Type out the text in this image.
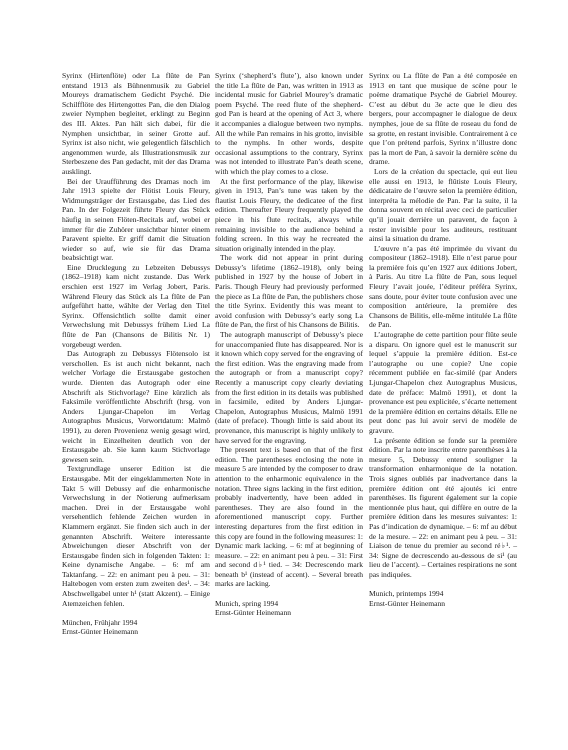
Syrinx (Hirtenflöte) oder La flûte de Pan entstand 1913 als Bühnenmusik zu Gabriel Moureys dramatischem Gedicht Psyché. Die Schilfflöte des Hirtengottes Pan, die den Dialog zweier Nymphen begleitet, erklingt zu Beginn des III. Aktes. Pan hält sich dabei, für die Nymphen unsichtbar, in seiner Grotte auf. Syrinx ist also nicht, wie gelegentlich fälschlich angenommen wurde, als Illustrationsmusik zur Sterbeszene des Pan gedacht, mit der das Drama ausklingt.

Bei der Uraufführung des Dramas noch im Jahr 1913 spielte der Flötist Louis Fleury, Widmungsträger der Erstausgabe, das Lied des Pan. In der Folgezeit führte Fleury das Stück häufig in seinen Flöten-Recitals auf, wobei er immer für die Zuhörer unsichtbar hinter einem Paravent spielte. Er griff damit die Situation wieder so auf, wie sie für das Drama beabsichtigt war.

Eine Drucklegung zu Lebzeiten Debussys (1862–1918) kam nicht zustande. Das Werk erschien erst 1927 im Verlag Jobert, Paris. Während Fleury das Stück als La flûte de Pan aufgeführt hatte, wählte der Verlag den Titel Syrinx. Offensichtlich sollte damit einer Verwechslung mit Debussys frühem Lied La flûte de Pan (Chansons de Bilitis Nr. 1) vorgebeugt werden.

Das Autograph zu Debussys Flötensolo ist verschollen. Es ist auch nicht bekannt, nach welcher Vorlage die Erstausgabe gestochen wurde. Dienten das Autograph oder eine Abschrift als Stichvorlage? Eine kürzlich als Faksimile veröffentlichte Abschrift (hrsg. von Anders Ljungar-Chapelon im Verlag Autographus Musicus, Vorwortdatum: Malmö 1991), zu deren Provenienz wenig gesagt wird, weicht in Einzelheiten deutlich von der Erstausgabe ab. Sie kann kaum Stichvorlage gewesen sein.

Textgrundlage unserer Edition ist die Erstausgabe. Mit der eingeklammerten Note in Takt 5 will Debussy auf die enharmonische Verwechslung in der Notierung aufmerksam machen. Drei in der Erstausgabe wohl versehentlich fehlende Zeichen wurden in Klammern ergänzt. Sie finden sich auch in der genannten Abschrift. Weitere interessante Abweichungen dieser Abschrift von der Erstausgabe finden sich in folgenden Takten: 1: Keine dynamische Angabe. – 6: mf am Taktanfang. – 22: en animant peu à peu. – 31: Haltebogen vom ersten zum zweiten des¹. – 34: Abschwellgabel unter h¹ (statt Akzent). – Einige Atemzeichen fehlen.

München, Frühjahr 1994

Ernst-Günter Heinemann

Syrinx (‘shepherd’s flute’), also known under the title La flûte de Pan, was written in 1913 as incidental music for Gabriel Mourey’s dramatic poem Psyché. The reed flute of the shepherd-god Pan is heard at the opening of Act 3, where it accompanies a dialogue between two nymphs. All the while Pan remains in his grotto, invisible to the nymphs. In other words, despite occasional assumptions to the contrary, Syrinx was not intended to illustrate Pan’s death scene, with which the play comes to a close.

At the first performance of the play, likewise given in 1913, Pan’s tune was taken by the flautist Louis Fleury, the dedicatee of the first edition. Thereafter Fleury frequently played the piece in his flute recitals, always while remaining invisible to the audience behind a folding screen. In this way he recreated the situation originally intended in the play.

The work did not appear in print during Debussy’s lifetime (1862–1918), only being published in 1927 by the house of Jobert in Paris. Though Fleury had previously performed the piece as La flûte de Pan, the publishers chose the title Syrinx. Evidently this was meant to avoid confusion with Debussy’s early song La flûte de Pan, the first of his Chansons de Bilitis.

The autograph manuscript of Debussy’s piece for unaccompanied flute has disappeared. Nor is it known which copy served for the engraving of the first edition. Was the engraving made from the autograph or from a manuscript copy? Recently a manuscript copy clearly deviating from the first edition in its details was published in facsimile, edited by Anders Ljungar-Chapelon, Autographus Musicus, Malmö 1991 (date of preface). Though little is said about its provenance, this manuscript is highly unlikely to have served for the engraving.

The present text is based on that of the first edition. The parentheses enclosing the note in measure 5 are intended by the composer to draw attention to the enharmonic equivalence in the notation. Three signs lacking in the first edition, probably inadvertently, have been added in parentheses. They are also found in the aforementioned manuscript copy. Further interesting departures from the first edition in this copy are found in the following measures: 1: Dynamic mark lacking. – 6: mf at beginning of measure. – 22: en animant peu à peu. – 31: First and second d♭¹ tied. – 34: Decrescendo mark beneath b¹ (instead of accent). – Several breath marks are lacking.

Munich, spring 1994

Ernst-Günter Heinemann

Syrinx ou La flûte de Pan a été composée en 1913 en tant que musique de scène pour le poème dramatique Psyché de Gabriel Mourey. C’est au début du 3e acte que le dieu des bergers, pour accompagner le dialogue de deux nymphes, joue de sa flûte de roseau du fond de sa grotte, en restant invisible. Contrairement à ce que l’on prétend parfois, Syrinx n’illustre donc pas la mort de Pan, à savoir la dernière scène du drame.

Lors de la création du spectacle, qui eut lieu elle aussi en 1913, le flûtiste Louis Fleury, dédicataire de l’œuvre selon la première édition, interpréta la mélodie de Pan. Par la suite, il la donna souvent en récital avec ceci de particulier qu’il jouait derrière un paravent, de façon à rester invisible pour les auditeurs, restituant ainsi la situation du drame.

L’œuvre n’a pas été imprimée du vivant du compositeur (1862–1918). Elle n’est parue pour la première fois qu’en 1927 aux éditions Jobert, à Paris. Au titre La flûte de Pan, sous lequel Fleury l’avait jouée, l’éditeur préféra Syrinx, sans doute, pour éviter toute confusion avec une composition antérieure, la première des Chansons de Bilitis, elle-même intitulée La flûte de Pan.

L’autographe de cette partition pour flûte seule a disparu. On ignore quel est le manuscrit sur lequel s’appuie la première édition. Est-ce l’autographe ou une copie? Une copie récemment publiée en fac-similé (par Anders Ljungar-Chapelon chez Autographus Musicus, date de préface: Malmö 1991), et dont la provenance est peu explicitée, s’écarte nettement de la première édition en certains détails. Elle ne peut donc pas lui avoir servi de modèle de gravure.

La présente édition se fonde sur la première édition. Par la note inscrite entre parenthèses à la mesure 5, Debussy entend souligner la transformation enharmonique de la notation. Trois signes oubliés par inadvertance dans la première édition ont été ajoutés ici entre parenthèses. Ils figurent également sur la copie mentionnée plus haut, qui diffère en outre de la première édition dans les mesures suivantes: 1: Pas d’indication de dynamique. – 6: mf au début de la mesure. – 22: en animant peu à peu. – 31: Liaison de tenue du premier au second ré♭¹. – 34: Signe de decrescendo au-dessous de si¹ (au lieu de l’accent). – Certaines respirations ne sont pas indiquées.

Munich, printemps 1994

Ernst-Günter Heinemann
